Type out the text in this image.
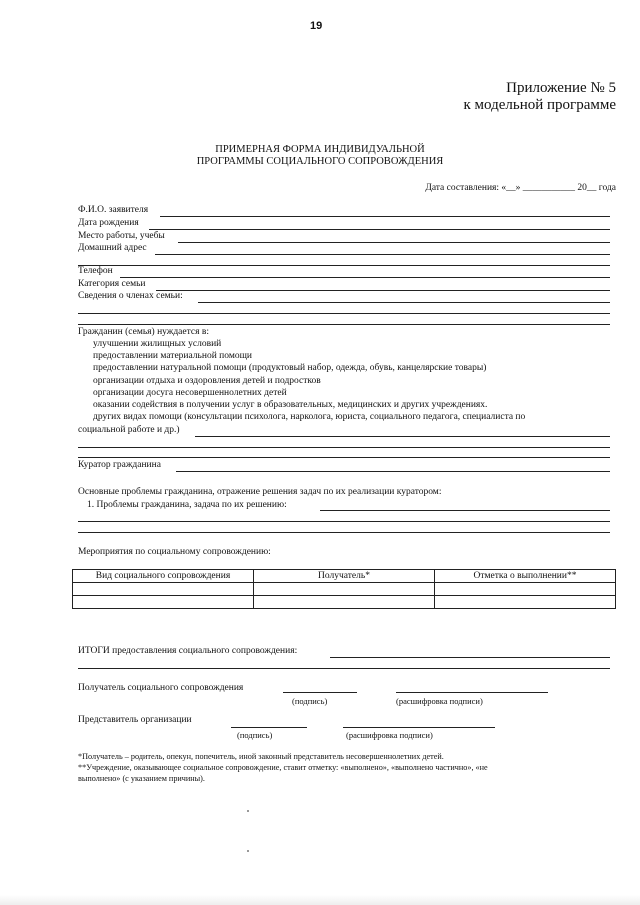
19
Приложение № 5
к модельной программе
ПРИМЕРНАЯ ФОРМА ИНДИВИДУАЛЬНОЙ
ПРОГРАММЫ СОЦИАЛЬНОГО СОПРОВОЖДЕНИЯ
Дата составления: «__» ___________ 20__ года
Ф.И.О. заявителя
Дата рождения
Место работы, учебы
Домашний адрес
Телефон
Категория семьи
Сведения о членах семьи:
Гражданин (семья) нуждается в:
улучшении жилищных условий
предоставлении материальной помощи
предоставлении натуральной помощи (продуктовый набор, одежда, обувь, канцелярские товары)
организации отдыха и оздоровления детей и подростков
организации досуга несовершеннолетних детей
оказании содействия в получении услуг в образовательных, медицинских и других учреждениях.
другиx видах помощи (консультации психолога, нарколога, юриста, социального педагога, специалиста по
социальной работе и др.)
Куратор гражданина
Основные проблемы гражданина, отражение решения задач по их реализации куратором:
1. Проблемы гражданина, задача по их решению:
Мероприятия по социальному сопровождению:
Вид социального сопровождения	Получатель*	Отметка о выполнении**

ИТОГИ предоставления социального сопровождения:
Получатель социального сопровождения
(подпись)	(расшифровка подписи)
Представитель организации
(подпись)	(расшифровка подписи)
*Получатель – родитель, опекун, попечитель, иной законный представитель несовершеннолетних детей.
**Учреждение, оказывающее социальное сопровождение, ставит отметку: «выполнено», «выполнено частично», «не
выполнено» (с указанием причины).
